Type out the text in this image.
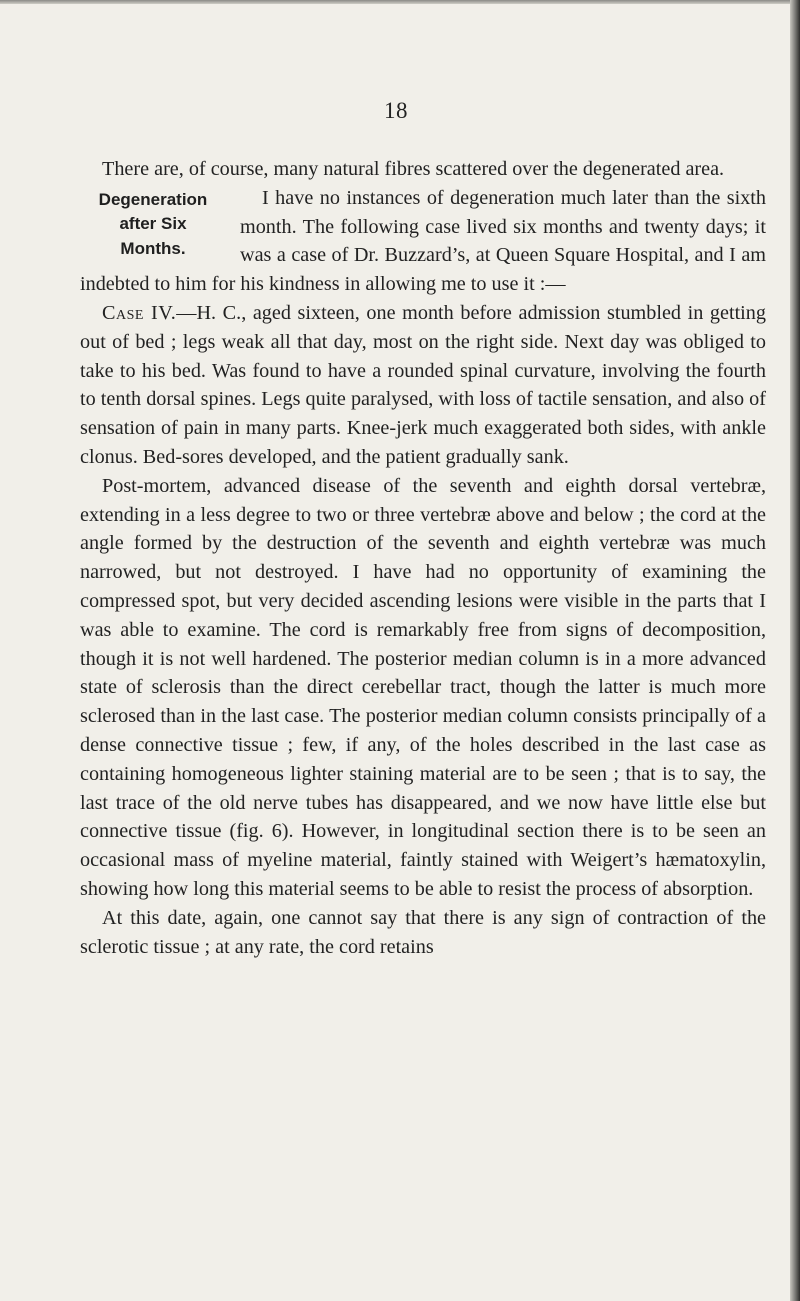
18

There are, of course, many natural fibres scattered over the degenerated area.

Degeneration
after Six
Months.

I have no instances of degeneration much later than the sixth month. The following case lived six months and twenty days; it was a case of Dr. Buzzard’s, at Queen Square Hospital, and I am indebted to him for his kindness in allowing me to use it :—

Case IV.—H. C., aged sixteen, one month before admission stumbled in getting out of bed ; legs weak all that day, most on the right side. Next day was obliged to take to his bed. Was found to have a rounded spinal curvature, involving the fourth to tenth dorsal spines. Legs quite paralysed, with loss of tactile sensation, and also of sensation of pain in many parts. Knee-jerk much exaggerated both sides, with ankle clonus. Bed-sores developed, and the patient gradually sank.

Post-mortem, advanced disease of the seventh and eighth dorsal vertebræ, extending in a less degree to two or three vertebræ above and below ; the cord at the angle formed by the destruction of the seventh and eighth vertebræ was much narrowed, but not destroyed. I have had no opportunity of examining the compressed spot, but very decided ascending lesions were visible in the parts that I was able to examine. The cord is remarkably free from signs of decomposition, though it is not well hardened. The posterior median column is in a more advanced state of sclerosis than the direct cerebellar tract, though the latter is much more sclerosed than in the last case. The posterior median column consists principally of a dense connective tissue ; few, if any, of the holes described in the last case as containing homogeneous lighter staining material are to be seen ; that is to say, the last trace of the old nerve tubes has disappeared, and we now have little else but connective tissue (fig. 6). However, in longitudinal section there is to be seen an occasional mass of myeline material, faintly stained with Weigert’s hæmatoxylin, showing how long this material seems to be able to resist the process of absorption.

At this date, again, one cannot say that there is any sign of contraction of the sclerotic tissue ; at any rate, the cord retains
